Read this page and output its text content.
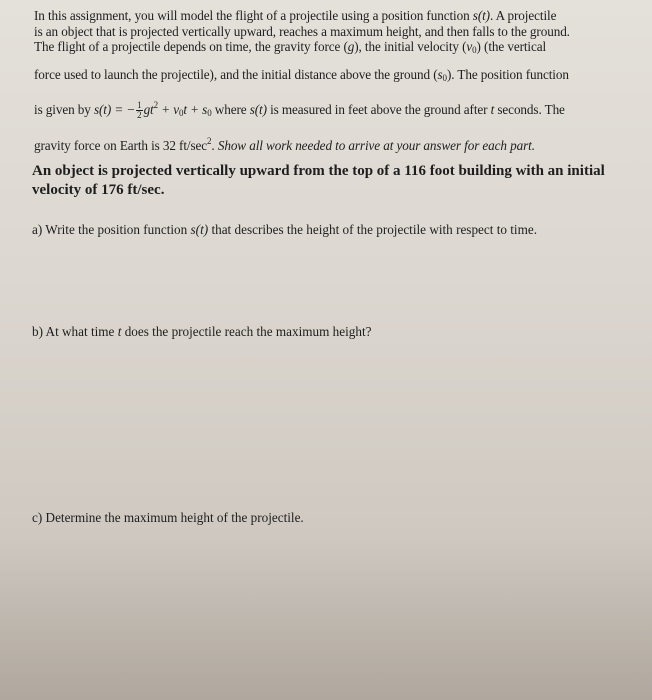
In this assignment, you will model the flight of a projectile using a position function s(t). A projectile
is an object that is projected vertically upward, reaches a maximum height, and then falls to the ground.
The flight of a projectile depends on time, the gravity force (g), the initial velocity $(v_0)$ (the vertical
force used to launch the projectile), and the initial distance above the ground $(s_0)$. The position function
is given by s(t) = − $\frac{1}{2} gt^2 + v_0t + s_0$ where s(t) is measured in feet above the ground after t seconds. The
gravity force on Earth is 32 $ft/\sec^2$. Show all work needed to arrive at your answer for each part.
An object is projected vertically upward from the top of a 116 foot building with an initial velocity of 176 ft/sec.
a) Write the position function s(t) that describes the height of the projectile with respect to time.
b) At what time t does the projectile reach the maximum height?
c) Determine the maximum height of the projectile.
